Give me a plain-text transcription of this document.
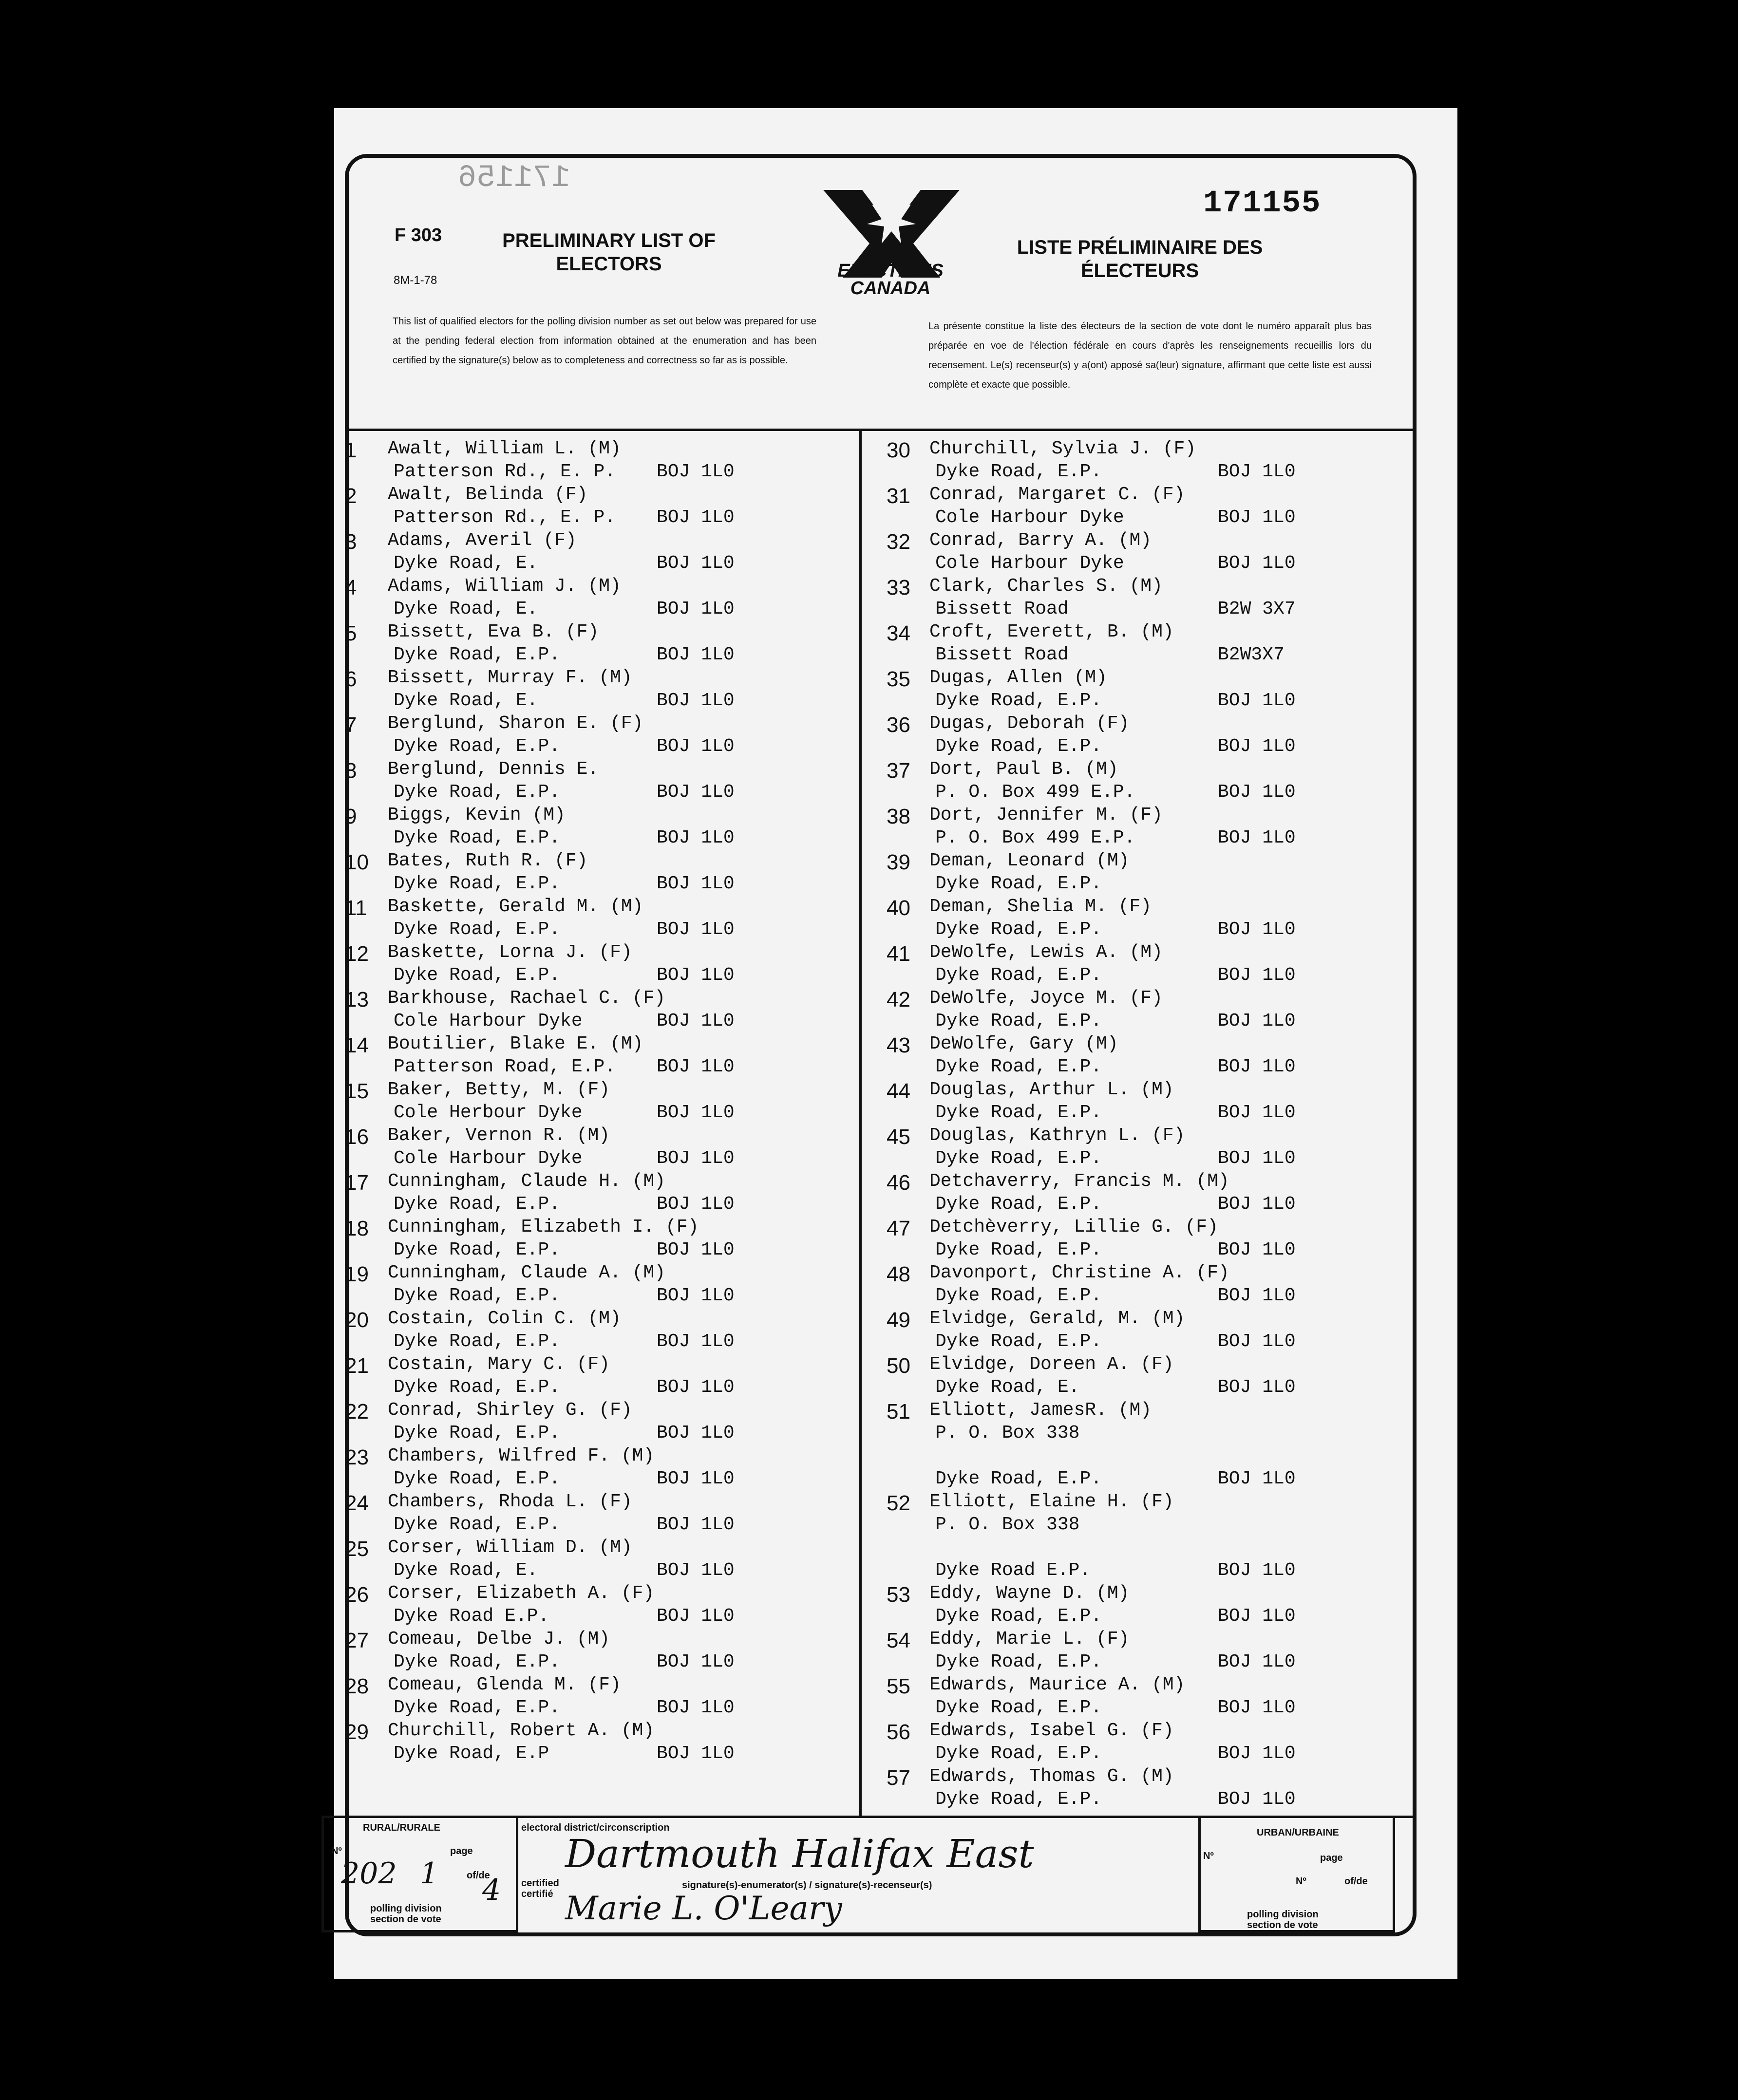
171156
F 303
8M-1-78
PRELIMINARY LIST OF
ELECTORS	ELECTIONS
CANADA
171155
LISTE PRÉLIMINAIRE DES
ÉLECTEURS
This list of qualified electors for the polling division number as set out below was prepared for use at the pending federal election from information obtained at the enumeration and has been certified by the signature(s) below as to completeness and correctness so far as is possible.
La présente constitue la liste des électeurs de la section de vote dont le numéro apparaît plus bas préparée en voe de l'élection fédérale en cours d'après les renseignements recueillis lors du recensement. Le(s) recenseur(s) y a(ont) apposé sa(leur) signature, affirmant que cette liste est aussi complète et exacte que possible.
1	Awalt, William L. (M)
Patterson Rd., E. P. BOJ 1L0
2	Awalt, Belinda (F)
Patterson Rd., E. P. BOJ 1L0
3	Adams, Averil (F)
Dyke Road, E.	BOJ 1L0
4	Adams, William J. (M)
Dyke Road, E.	BOJ 1L0
5	Bissett, Eva B. (F)
Dyke Road, E.P.	BOJ 1L0
6	Bissett, Murray F. (M)
Dyke Road, E.	BOJ 1L0
7	Berglund, Sharon E. (F)
Dyke Road, E.P.	BOJ 1L0
8	Berglund, Dennis E.
Dyke Road, E.P.	BOJ 1L0
9	Biggs, Kevin (M)
Dyke Road, E.P.	BOJ 1L0
10	Bates, Ruth R. (F)
Dyke Road, E.P.	BOJ 1L0
11	Baskette, Gerald M. (M)
Dyke Road, E.P.	BOJ 1L0
12	Baskette, Lorna J. (F)
Dyke Road, E.P.	BOJ 1L0
13	Barkhouse, Rachael C. (F)
Cole Harbour Dyke	BOJ 1L0
14	Boutilier, Blake E. (M)
Patterson Road, E.P. BOJ 1L0
15	Baker, Betty, M. (F)
Cole Herbour Dyke	BOJ 1L0
16	Baker, Vernon R. (M)
Cole Harbour Dyke	BOJ 1L0
17	Cunningham, Claude H. (M)
Dyke Road, E.P.	BOJ 1L0
18	Cunningham, Elizabeth I. (F)
Dyke Road, E.P.	BOJ 1L0
19	Cunningham, Claude A. (M)
Dyke Road, E.P.	BOJ 1L0
20	Costain, Colin C. (M)
Dyke Road, E.P.	BOJ 1L0
21	Costain, Mary C. (F)
Dyke Road, E.P.	BOJ 1L0
22	Conrad, Shirley G. (F)
Dyke Road, E.P.	BOJ 1L0
23	Chambers, Wilfred F. (M)
Dyke Road, E.P.	BOJ 1L0
24	Chambers, Rhoda L. (F)
Dyke Road, E.P.	BOJ 1L0
25	Corser, William D. (M)
Dyke Road, E.	BOJ 1L0
26	Corser, Elizabeth A. (F)
Dyke Road E.P.	BOJ 1L0
27	Comeau, Delbe J. (M)
Dyke Road, E.P.	BOJ 1L0
28	Comeau, Glenda M. (F)
Dyke Road, E.P.	BOJ 1L0
29	Churchill, Robert A. (M)
Dyke Road, E.P	BOJ 1L0
30	Churchill, Sylvia J. (F)
Dyke Road, E.P.	BOJ 1L0
31	Conrad, Margaret C. (F)
Cole Harbour Dyke	BOJ 1L0
32	Conrad, Barry A. (M)
Cole Harbour Dyke	BOJ 1L0
33	Clark, Charles S. (M)
Bissett Road	B2W 3X7
34	Croft, Everett, B. (M)
Bissett Road	B2W3X7
35	Dugas, Allen (M)
Dyke Road, E.P.	BOJ 1L0
36	Dugas, Deborah (F)
Dyke Road, E.P.	BOJ 1L0
37	Dort, Paul B. (M)
P. O. Box 499 E.P.	BOJ 1L0
38	Dort, Jennifer M. (F)
P. O. Box 499 E.P.	BOJ 1L0
39	Deman, Leonard (M)
Dyke Road, E.P.
40	Deman, Shelia M. (F)
Dyke Road, E.P.	BOJ 1L0
41	DeWolfe, Lewis A. (M)
Dyke Road, E.P.	BOJ 1L0
42	DeWolfe, Joyce M. (F)
Dyke Road, E.P.	BOJ 1L0
43	DeWolfe, Gary (M)
Dyke Road, E.P.	BOJ 1L0
44	Douglas, Arthur L. (M)
Dyke Road, E.P.	BOJ 1L0
45	Douglas, Kathryn L. (F)
Dyke Road, E.P.	BOJ 1L0
46	Detchaverry, Francis M. (M)
Dyke Road, E.P.	BOJ 1L0
47	Detchèverry, Lillie G. (F)
Dyke Road, E.P.	BOJ 1L0
48	Davonport, Christine A. (F)
Dyke Road, E.P.	BOJ 1L0
49	Elvidge, Gerald, M. (M)
Dyke Road, E.P.	BOJ 1L0
50	Elvidge, Doreen A. (F)
Dyke Road, E.	BOJ 1L0
51	Elliott, JamesR. (M)
P. O. Box 338
Dyke Road, E.P.	BOJ 1L0
52	Elliott, Elaine H. (F)
P. O. Box 338
Dyke Road E.P.	BOJ 1L0
53	Eddy, Wayne D. (M)
Dyke Road, E.P.	BOJ 1L0
54	Eddy, Marie L. (F)
Dyke Road, E.P.	BOJ 1L0
55	Edwards, Maurice A. (M)
Dyke Road, E.P.	BOJ 1L0
56	Edwards, Isabel G. (F)
Dyke Road, E.P.	BOJ 1L0
57	Edwards, Thomas G. (M)
Dyke Road, E.P.	BOJ 1L0
RURAL/RURALE
Nº	page
of/de
202 1 4
polling division
section de vote
electoral district/circonscription
Dartmouth Halifax East
certified
certifié
signature(s)-enumerator(s) / signature(s)-recenseur(s)
Marie L. O'Leary
URBAN/URBAINE
Nº	page
Nº	of/de
polling division
section de vote
